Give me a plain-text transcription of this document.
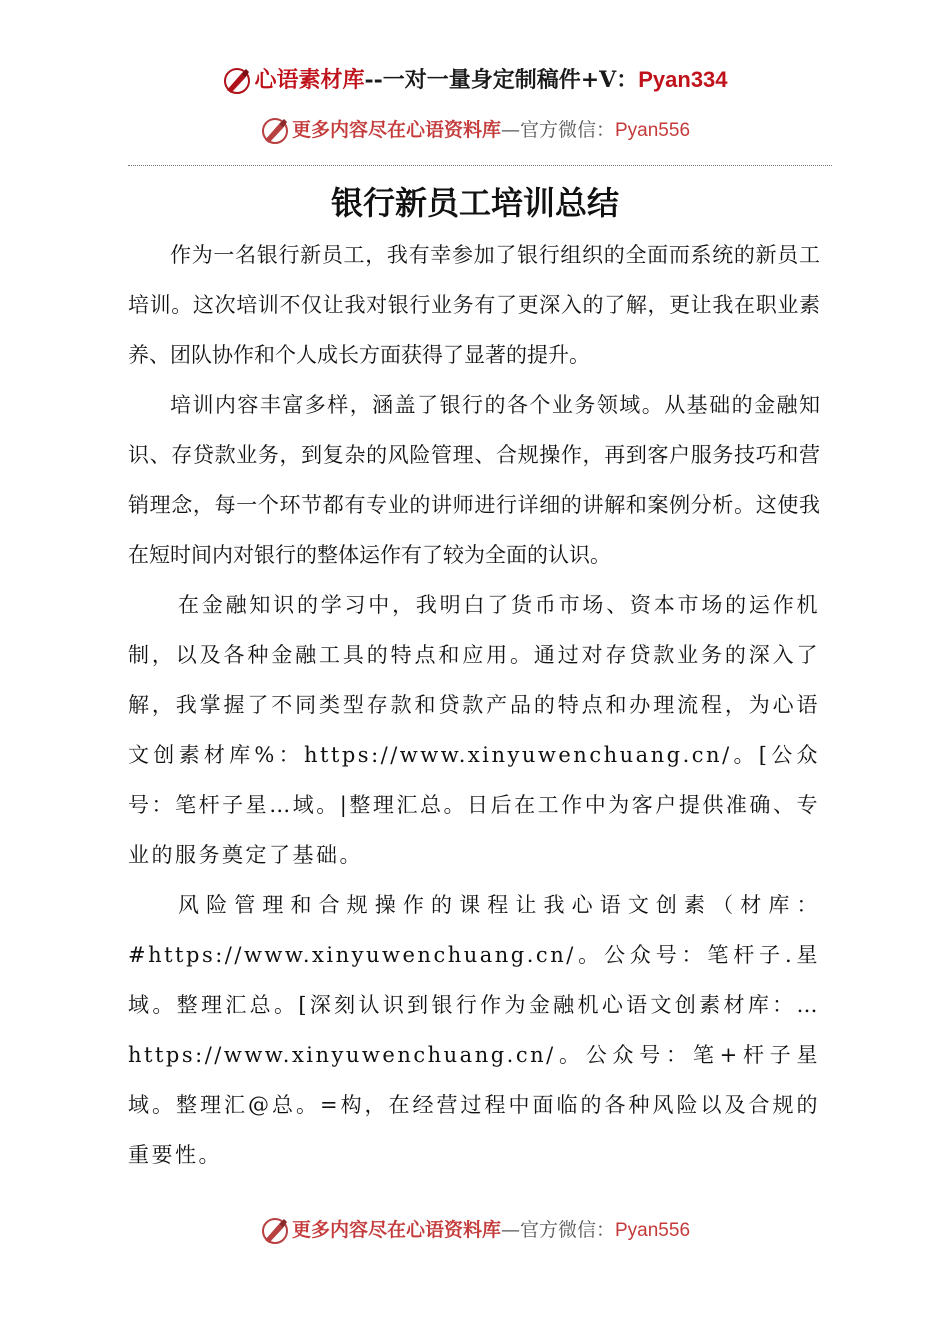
心语素材库--一对一量身定制稿件+V：Pyan334
更多内容尽在心语资料库—官方微信：Pyan556
银行新员工培训总结

作为一名银行新员工，我有幸参加了银行组织的全面而系统的新员工培训。这次培训不仅让我对银行业务有了更深入的了解，更让我在职业素养、团队协作和个人成长方面获得了显著的提升。

培训内容丰富多样，涵盖了银行的各个业务领域。从基础的金融知识、存贷款业务，到复杂的风险管理、合规操作，再到客户服务技巧和营销理念，每一个环节都有专业的讲师进行详细的讲解和案例分析。这使我在短时间内对银行的整体运作有了较为全面的认识。

在金融知识的学习中，我明白了货币市场、资本市场的运作机制，以及各种金融工具的特点和应用。通过对存贷款业务的深入了解，我掌握了不同类型存款和贷款产品的特点和办理流程，为心语文创素材库%：https://www.xinyuwenchuang.cn/。[公众号：笔杆子星…域。|整理汇总。日后在工作中为客户提供准确、专业的服务奠定了基础。

风险管理和合规操作的课程让我心语文创素（材库：#https://www.xinyuwenchuang.cn/。公众号：笔杆子.星域。整理汇总。[深刻认识到银行作为金融机心语文创素材库：…https://www.xinyuwenchuang.cn/。公众号：笔+杆子星域。整理汇@总。=构，在经营过程中面临的各种风险以及合规的重要性。

更多内容尽在心语资料库—官方微信：Pyan556
